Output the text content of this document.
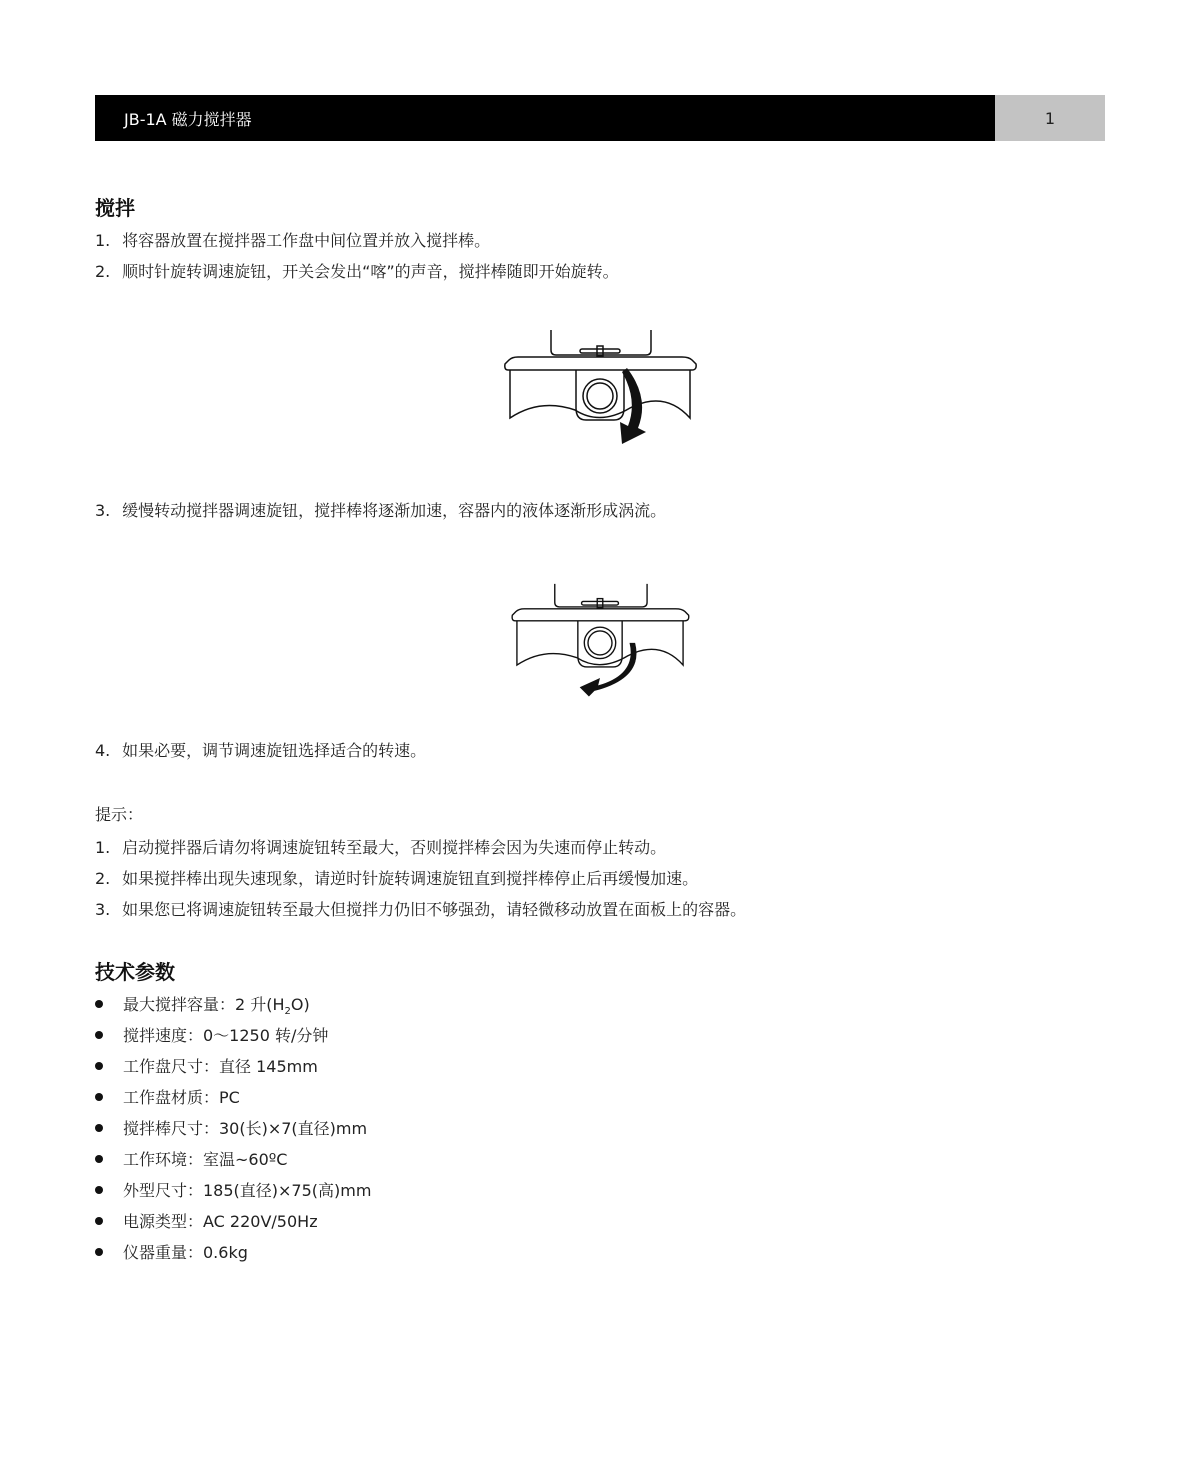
JB-1A 磁力搅拌器	1
搅拌
1. 将容器放置在搅拌器工作盘中间位置并放入搅拌棒。
2. 顺时针旋转调速旋钮，开关会发出“喀”的声音，搅拌棒随即开始旋转。
3. 缓慢转动搅拌器调速旋钮，搅拌棒将逐渐加速，容器内的液体逐渐形成涡流。
4. 如果必要，调节调速旋钮选择适合的转速。
提示：
1. 启动搅拌器后请勿将调速旋钮转至最大，否则搅拌棒会因为失速而停止转动。
2. 如果搅拌棒出现失速现象，请逆时针旋转调速旋钮直到搅拌棒停止后再缓慢加速。
3. 如果您已将调速旋钮转至最大但搅拌力仍旧不够强劲，请轻微移动放置在面板上的容器。
技术参数
最大搅拌容量：2 升$(H_2O)$
搅拌速度：0～1250 转/分钟
工作盘尺寸：直径 145mm
工作盘材质：PC
搅拌棒尺寸：30(长)×7(直径)mm
工作环境：室温~60ºC
外型尺寸：185(直径)×75(高)mm
电源类型：AC 220V/50Hz
仪器重量：0.6kg
